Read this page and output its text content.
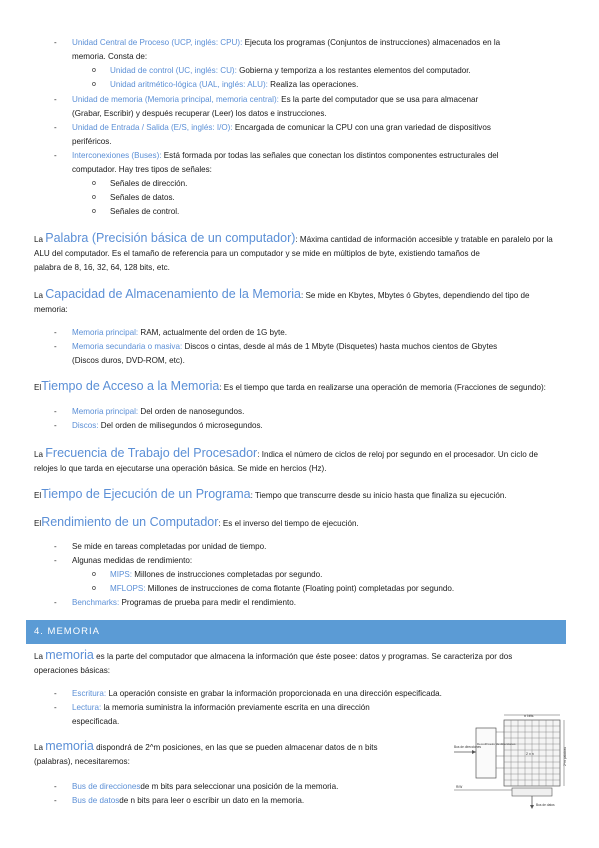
- Unidad Central de Proceso (UCP, inglés: CPU): Ejecuta los programas (Conjuntos de instrucciones) almacenados en la
memoria. Consta de:
o Unidad de control (UC, inglés: CU): Gobierna y temporiza a los restantes elementos del computador.
o Unidad aritmético-lógica (UAL, inglés: ALU): Realiza las operaciones.
- Unidad de memoria (Memoria principal, memoria central): Es la parte del computador que se usa para almacenar
(Grabar, Escribir) y después recuperar (Leer) los datos e instrucciones.
- Unidad de Entrada / Salida (E/S, inglés: I/O): Encargada de comunicar la CPU con una gran variedad de dispositivos
periféricos.
- Interconexiones (Buses): Está formada por todas las señales que conectan los distintos componentes estructurales del
computador. Hay tres tipos de señales:
o Señales de dirección.
o Señales de datos.
o Señales de control.
La Palabra (Precisión básica de un computador): Máxima cantidad de información accesible y tratable en paralelo por la
ALU del computador. Es el tamaño de referencia para un computador y se mide en múltiplos de byte, existiendo tamaños de
palabra de 8, 16, 32, 64, 128 bits, etc.
La Capacidad de Almacenamiento de la Memoria: Se mide en Kbytes, Mbytes ó Gbytes, dependiendo del tipo de
memoria:
- Memoria principal: RAM, actualmente del orden de 1G byte.
- Memoria secundaria o masiva: Discos o cintas, desde al más de 1 Mbyte (Disquetes) hasta muchos cientos de Gbytes
(Discos duros, DVD-ROM, etc).
ElTiempo de Acceso a la Memoria: Es el tiempo que tarda en realizarse una operación de memoria (Fracciones de segundo):
- Memoria principal: Del orden de nanosegundos.
- Discos: Del orden de milisegundos ó microsegundos.
La Frecuencia de Trabajo del Procesador: Indica el número de ciclos de reloj por segundo en el procesador. Un ciclo de
relojes lo que tarda en ejecutarse una operación básica. Se mide en hercios (Hz).
ElTiempo de Ejecución de un Programa: Tiempo que transcurre desde su inicio hasta que finaliza su ejecución.
ElRendimiento de un Computador: Es el inverso del tiempo de ejecución.
- Se mide en tareas completadas por unidad de tiempo.
- Algunas medidas de rendimiento:
o MIPS: Millones de instrucciones completadas por segundo.
o MFLOPS: Millones de instrucciones de coma flotante (Floating point) completadas por segundo.
- Benchmarks: Programas de prueba para medir el rendimiento.
4. MEMORIA
La memoria es la parte del computador que almacena la información que éste posee: datos y programas. Se caracteriza por dos
operaciones básicas:
- Escritura: La operación consiste en grabar la información proporcionada en una dirección especificada.
- Lectura: la memoria suministra la información previamente escrita en una dirección
especificada.
La memoria dispondrá de 2^m posiciones, en las que se pueden almacenar datos de n bits
(palabras), necesitaremos:
- Bus de direccionesde m bits para seleccionar una posición de la memoria.
- Bus de datosde n bits para leer o escribir un dato en la memoria.
n bits
2 x n	2^m palabras
Decodificador de direcciones
Bus de direcciones
Bus de datos
R/W
